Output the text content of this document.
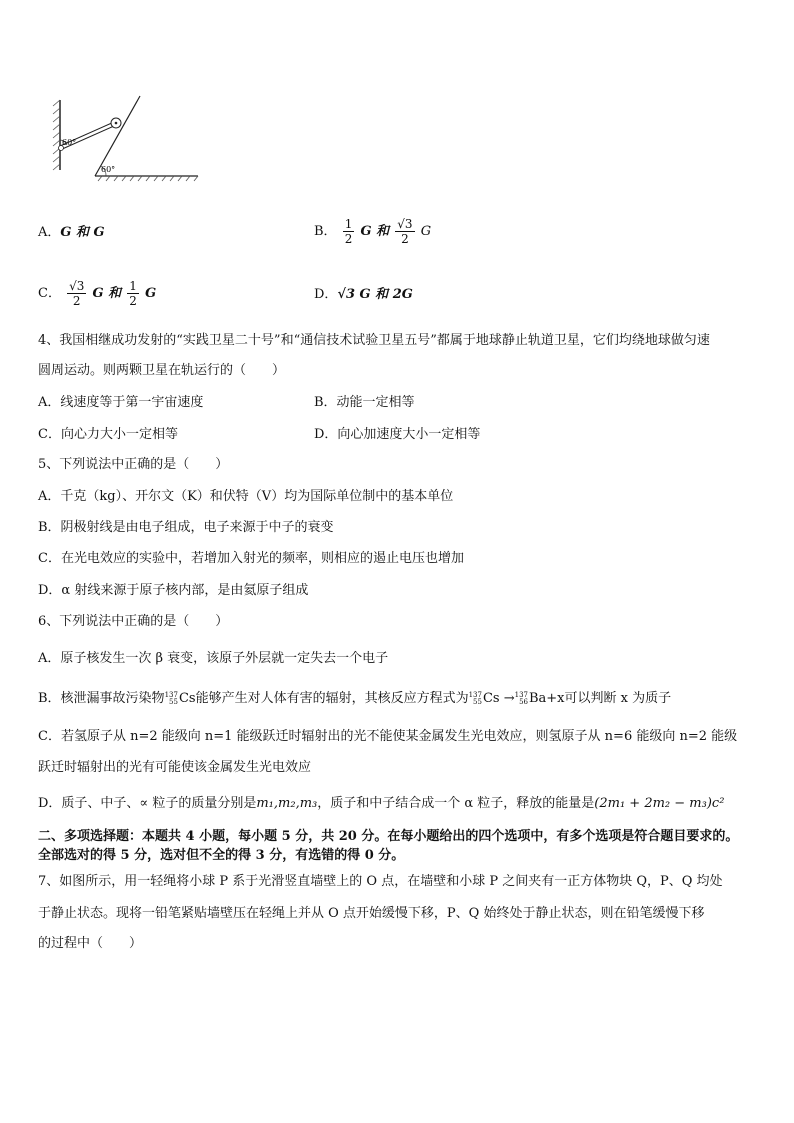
60°
60°
A．G 和 G	B． $\frac{1}{2}$ G 和 $\frac{√3}{2}$ G
C． $\frac{√3}{2}$ G 和 $\frac{1}{2}$ G	D．√3 G 和 2G
4、我国相继成功发射的“实践卫星二十号”和“通信技术试验卫星五号”都属于地球静止轨道卫星，它们均绕地球做匀速
圆周运动。则两颗卫星在轨运行的（　　）
A．线速度等于第一宇宙速度	B．动能一定相等
C．向心力大小一定相等	D．向心加速度大小一定相等
5、下列说法中正确的是（　　）
A．千克（kg）、开尔文（K）和伏特（V）均为国际单位制中的基本单位
B．阴极射线是由电子组成，电子来源于中子的衰变
C．在光电效应的实验中，若增加入射光的频率，则相应的遏止电压也增加
D．α 射线来源于原子核内部，是由氦原子组成
6、下列说法中正确的是（　　）
A．原子核发生一次 β 衰变，该原子外层就一定失去一个电子
B．核泄漏事故污染物 137
55 Cs能够产生对人体有害的辐射，其核反应方程式为 137
55 Cs → 137
56 Ba+x可以判断 x 为质子
C．若氢原子从 n=2 能级向 n=1 能级跃迁时辐射出的光不能使某金属发生光电效应，则氢原子从 n=6 能级向 n=2 能级
跃迁时辐射出的光有可能使该金属发生光电效应
D．质子、中子、∝ 粒子的质量分别是m₁,m₂,m₃，质子和中子结合成一个 α 粒子，释放的能量是(2m₁ + 2m₂ − m₃)c²
二、多项选择题：本题共 4 小题，每小题 5 分，共 20 分。在每小题给出的四个选项中，有多个选项是符合题目要求的。
全部选对的得 5 分，选对但不全的得 3 分，有选错的得 0 分。
7、如图所示，用一轻绳将小球 P 系于光滑竖直墙壁上的 O 点，在墙壁和小球 P 之间夹有一正方体物块 Q，P、Q 均处
于静止状态。现将一铅笔紧贴墙壁压在轻绳上并从 O 点开始缓慢下移，P、Q 始终处于静止状态，则在铅笔缓慢下移
的过程中（　　）
